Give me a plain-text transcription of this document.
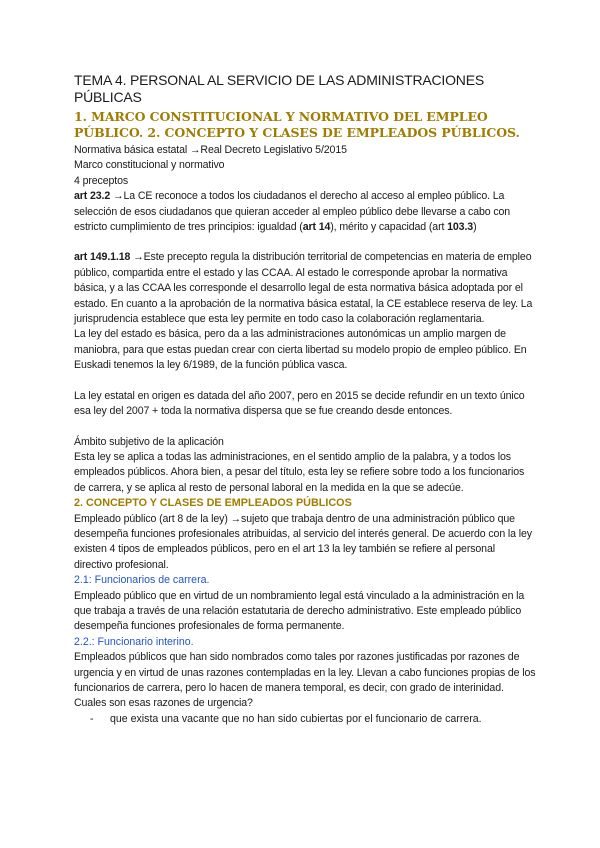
TEMA 4. PERSONAL AL SERVICIO DE LAS ADMINISTRACIONES PÚBLICAS
1. MARCO CONSTITUCIONAL Y NORMATIVO DEL EMPLEO PÚBLICO. 2. CONCEPTO Y CLASES DE EMPLEADOS PÚBLICOS.
Normativa básica estatal →Real Decreto Legislativo 5/2015
Marco constitucional y normativo
4 preceptos
art 23.2 →La CE reconoce a todos los ciudadanos el derecho al acceso al empleo público. La selección de esos ciudadanos que quieran acceder al empleo público debe llevarse a cabo con estricto cumplimiento de tres principios: igualdad (art 14), mérito y capacidad (art 103.3)
art 149.1.18 →Este precepto regula la distribución territorial de competencias en materia de empleo público, compartida entre el estado y las CCAA. Al estado le corresponde aprobar la normativa básica, y a las CCAA les corresponde el desarrollo legal de esta normativa básica adoptada por el estado. En cuanto a la aprobación de la normativa básica estatal, la CE establece reserva de ley. La jurisprudencia establece que esta ley permite en todo caso la colaboración reglamentaria.
La ley del estado es básica, pero da a las administraciones autonómicas un amplio margen de maniobra, para que estas puedan crear con cierta libertad su modelo propio de empleo público. En Euskadi tenemos la ley 6/1989, de la función pública vasca.
La ley estatal en origen es datada del año 2007, pero en 2015 se decide refundir en un texto único esa ley del 2007 + toda la normativa dispersa que se fue creando desde entonces.
Ámbito subjetivo de la aplicación
Esta ley se aplica a todas las administraciones, en el sentido amplio de la palabra, y a todos los empleados públicos. Ahora bien, a pesar del título, esta ley se refiere sobre todo a los funcionarios de carrera, y se aplica al resto de personal laboral en la medida en la que se adecúe.
2. CONCEPTO Y CLASES DE EMPLEADOS PÚBLICOS
Empleado público (art 8 de la ley) →sujeto que trabaja dentro de una administración público que desempeña funciones profesionales atribuidas, al servicio del interés general. De acuerdo con la ley existen 4 tipos de empleados públicos, pero en el art 13 la ley también se refiere al personal directivo profesional.
2.1: Funcionarios de carrera.
Empleado público que en virtud de un nombramiento legal está vinculado a la administración en la que trabaja a través de una relación estatutaria de derecho administrativo. Este empleado público desempeña funciones profesionales de forma permanente.
2.2.: Funcionario interino.
Empleados públicos que han sido nombrados como tales por razones justificadas por razones de urgencia y en virtud de unas razones contempladas en la ley. Llevan a cabo funciones propias de los funcionarios de carrera, pero lo hacen de manera temporal, es decir, con grado de interinidad.
Cuales son esas razones de urgencia?
- que exista una vacante que no han sido cubiertas por el funcionario de carrera.
